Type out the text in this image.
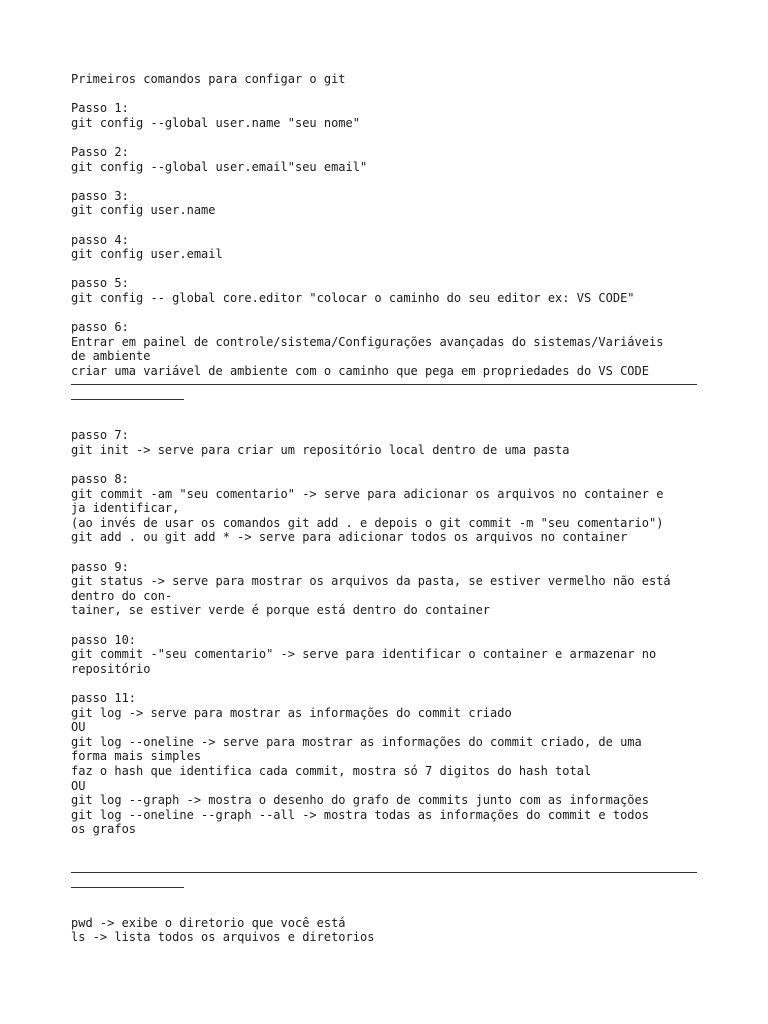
Primeiros comandos para configar o git
Passo 1:
git config --global user.name "seu nome"
Passo 2:
git config --global user.email"seu email"
passo 3:
git config user.name
passo 4:
git config user.email
passo 5:
git config -- global core.editor "colocar o caminho do seu editor ex: VS CODE"
passo 6:
Entrar em painel de controle/sistema/Configurações avançadas do sistemas/Variáveis
de ambiente
criar uma variável de ambiente com o caminho que pega em propriedades do VS CODE
passo 7:
git init -> serve para criar um repositório local dentro de uma pasta
passo 8:
git commit -am "seu comentario" -> serve para adicionar os arquivos no container e
ja identificar,
(ao invés de usar os comandos git add . e depois o git commit -m "seu comentario")
git add . ou git add * -> serve para adicionar todos os arquivos no container
passo 9:
git status -> serve para mostrar os arquivos da pasta, se estiver vermelho não está
dentro do con-
tainer, se estiver verde é porque está dentro do container
passo 10:
git commit -"seu comentario" -> serve para identificar o container e armazenar no
repositório
passo 11:
git log -> serve para mostrar as informações do commit criado
OU
git log --oneline -> serve para mostrar as informações do commit criado, de uma
forma mais simples
faz o hash que identifica cada commit, mostra só 7 digitos do hash total
OU
git log --graph -> mostra o desenho do grafo de commits junto com as informações
git log --oneline --graph --all -> mostra todas as informações do commit e todos
os grafos
pwd -> exibe o diretorio que você está
ls -> lista todos os arquivos e diretorios
